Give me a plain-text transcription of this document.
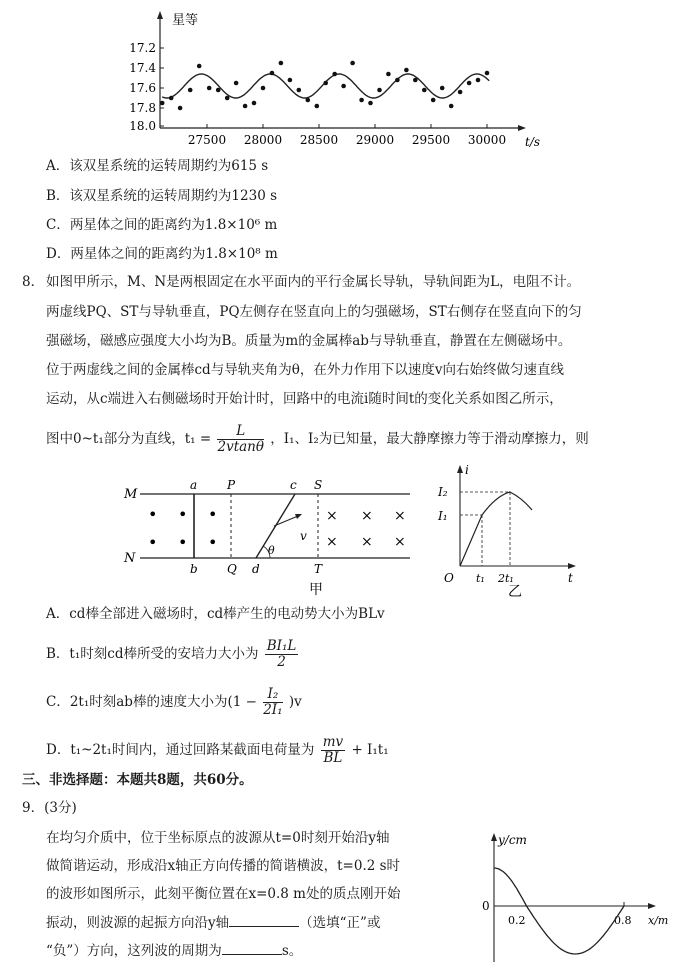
星等
t/s
17.2
17.4
17.6
17.8
18.0
27500 28000 28500 29000 29500 30000
A．该双星系统的运转周期约为615 s
B．该双星系统的运转周期约为1230 s
C．两星体之间的距离约为1.8×10⁶ m
D．两星体之间的距离约为1.8×10⁸ m
8． 如图甲所示，M、N是两根固定在水平面内的平行金属长导轨，导轨间距为L，电阻不计。
两虚线PQ、ST与导轨垂直，PQ左侧存在竖直向上的匀强磁场，ST右侧存在竖直向下的匀
强磁场，磁感应强度大小均为B。质量为m的金属棒ab与导轨垂直，静置在左侧磁场中。
位于两虚线之间的金属棒cd与导轨夹角为θ，在外力作用下以速度v向右始终做匀速直线
运动，从c端进入右侧磁场时开始计时，回路中的电流i随时间t的变化关系如图乙所示，
图中0~t₁部分为直线，$t_1 = \frac{L}{2vtan\theta}$ ，I₁、I₂为已知量，最大静摩擦力等于滑动摩擦力，则
M
N
a
b
• • •
• • •
P
Q
c
d
θ
v
S
T
× × ×
× × ×
甲
i
t
O
I₂
I₁
t₁ 2t₁
乙
A．cd棒全部进入磁场时，cd棒产生的电动势大小为BLv
B．t₁时刻cd棒所受的安培力大小为 $\frac{\text{BI₁L}}{2}$
C．2t₁时刻ab棒的速度大小为$(1 - \frac{\text{I₂}}{\text{2I₁}} )v$
D．t₁~2t₁时间内，通过回路某截面电荷量为 $\frac{mv}{BL} + I_1t_1$
三、非选择题：本题共8题，共60分。
9．(3分)
在均匀介质中，位于坐标原点的波源从t=0时刻开始沿y轴
做简谐运动，形成沿x轴正方向传播的简谐横波，t=0.2 s时
的波形如图所示，此刻平衡位置在x=0.8 m处的质点刚开始
振动，则波源的起振方向沿y轴	（选填“正”或
“负”）方向，这列波的周期为	s。
y/cm
x/m
0
0.2	0.8
